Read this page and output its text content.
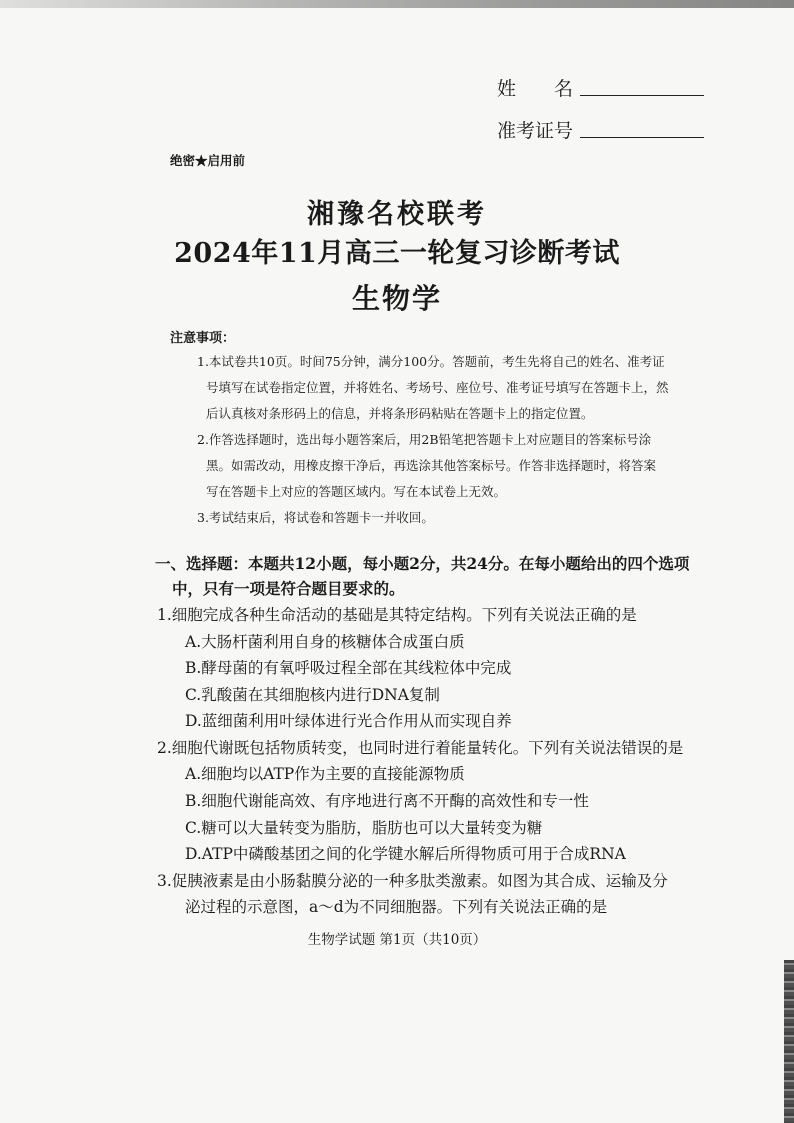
姓　　名
准考证号
绝密★启用前
湘豫名校联考
2024年11月高三一轮复习诊断考试
生物学
注意事项：
1.本试卷共10页。时间75分钟，满分100分。答题前，考生先将自己的姓名、准考证
号填写在试卷指定位置，并将姓名、考场号、座位号、准考证号填写在答题卡上，然
后认真核对条形码上的信息，并将条形码粘贴在答题卡上的指定位置。
2.作答选择题时，选出每小题答案后，用2B铅笔把答题卡上对应题目的答案标号涂
黑。如需改动，用橡皮擦干净后，再选涂其他答案标号。作答非选择题时，将答案
写在答题卡上对应的答题区域内。写在本试卷上无效。
3.考试结束后，将试卷和答题卡一并收回。
一、选择题：本题共12小题，每小题2分，共24分。在每小题给出的四个选项
中，只有一项是符合题目要求的。
1.细胞完成各种生命活动的基础是其特定结构。下列有关说法正确的是
A.大肠杆菌利用自身的核糖体合成蛋白质
B.酵母菌的有氧呼吸过程全部在其线粒体中完成
C.乳酸菌在其细胞核内进行DNA复制
D.蓝细菌利用叶绿体进行光合作用从而实现自养
2.细胞代谢既包括物质转变，也同时进行着能量转化。下列有关说法错误的是
A.细胞均以ATP作为主要的直接能源物质
B.细胞代谢能高效、有序地进行离不开酶的高效性和专一性
C.糖可以大量转变为脂肪，脂肪也可以大量转变为糖
D.ATP中磷酸基团之间的化学键水解后所得物质可用于合成RNA
3.促胰液素是由小肠黏膜分泌的一种多肽类激素。如图为其合成、运输及分
泌过程的示意图，a～d为不同细胞器。下列有关说法正确的是
生物学试题 第1页（共10页）
